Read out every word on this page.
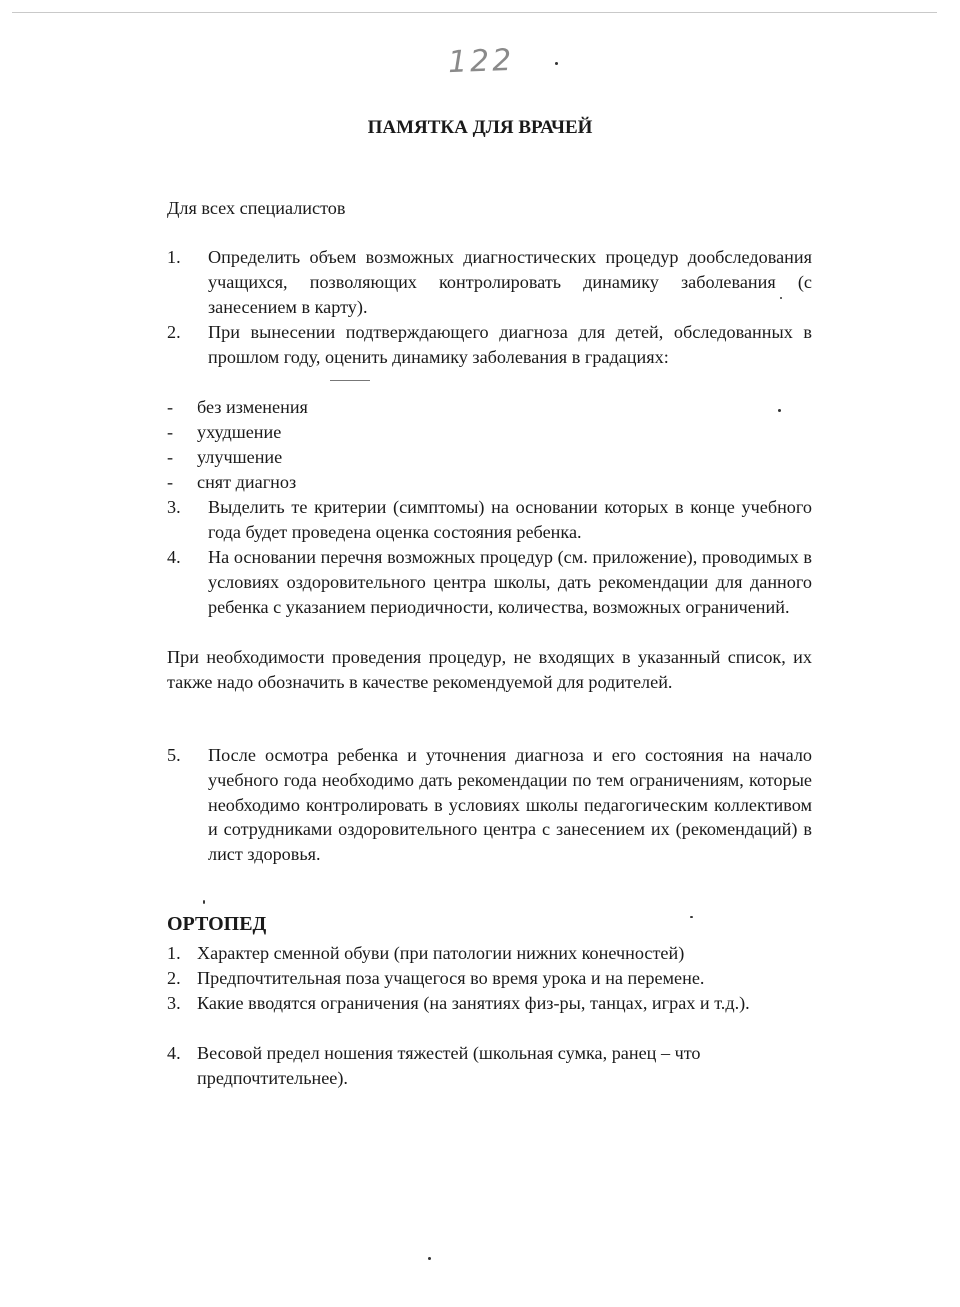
122
ПАМЯТКА ДЛЯ ВРАЧЕЙ

Для всех специалистов

1.	Определить объем возможных диагностических процедур дообследования учащихся, позволяющих контролировать динамику заболевания (с занесением в карту).
2.	При вынесении подтверждающего диагноза для детей, обследованных в прошлом году, оценить динамику заболевания в градациях:
-	без изменения
-	ухудшение
-	улучшение
-	снят диагноз
3.	Выделить те критерии (симптомы) на основании которых в конце учебного года будет проведена оценка состояния ребенка.
4.	На основании перечня возможных процедур (см. приложение), проводимых в условиях оздоровительного центра школы, дать рекомендации для данного ребенка с указанием периодичности, количества, возможных ограничений.

При необходимости проведения процедур, не входящих в указанный список, их также надо обозначить в качестве рекомендуемой для родителей.

5.	После осмотра ребенка и уточнения диагноза и его состояния на начало учебного года необходимо дать рекомендации по тем ограничениям, которые необходимо контролировать в условиях школы педагогическим коллективом и сотрудниками оздоровительного центра с занесением их (рекомендаций) в лист здоровья.
ОРТОПЕД
1. Характер сменной обуви (при патологии нижних конечностей)
2. Предпочтительная поза учащегося во время урока и на перемене.
3. Какие вводятся ограничения (на занятиях физ-ры, танцах, играх и т.д.).
4. Весовой предел ношения тяжестей (школьная сумка, ранец – что предпочтительнее).
